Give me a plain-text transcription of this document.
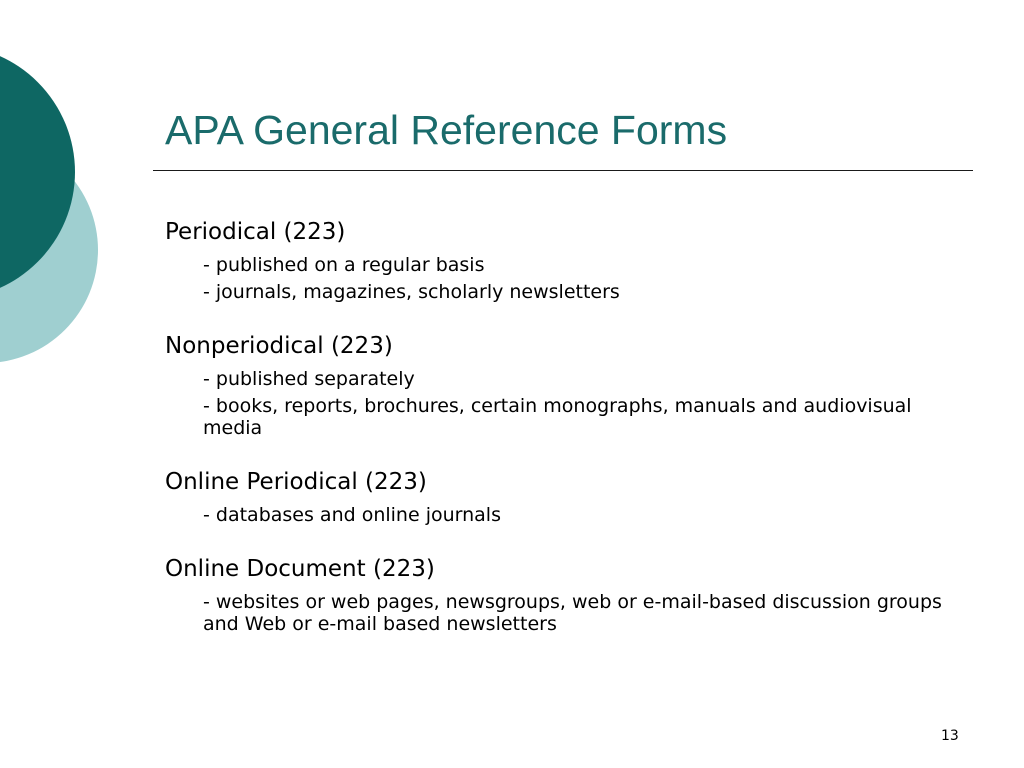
APA General Reference Forms
Periodical (223)
- published on a regular basis
- journals, magazines, scholarly newsletters
Nonperiodical (223)
- published separately
- books, reports, brochures, certain monographs, manuals and audiovisual media
Online Periodical (223)
- databases and online journals
Online Document (223)
- websites or web pages, newsgroups, web or e-mail-based discussion groups and Web or e-mail based newsletters
13
